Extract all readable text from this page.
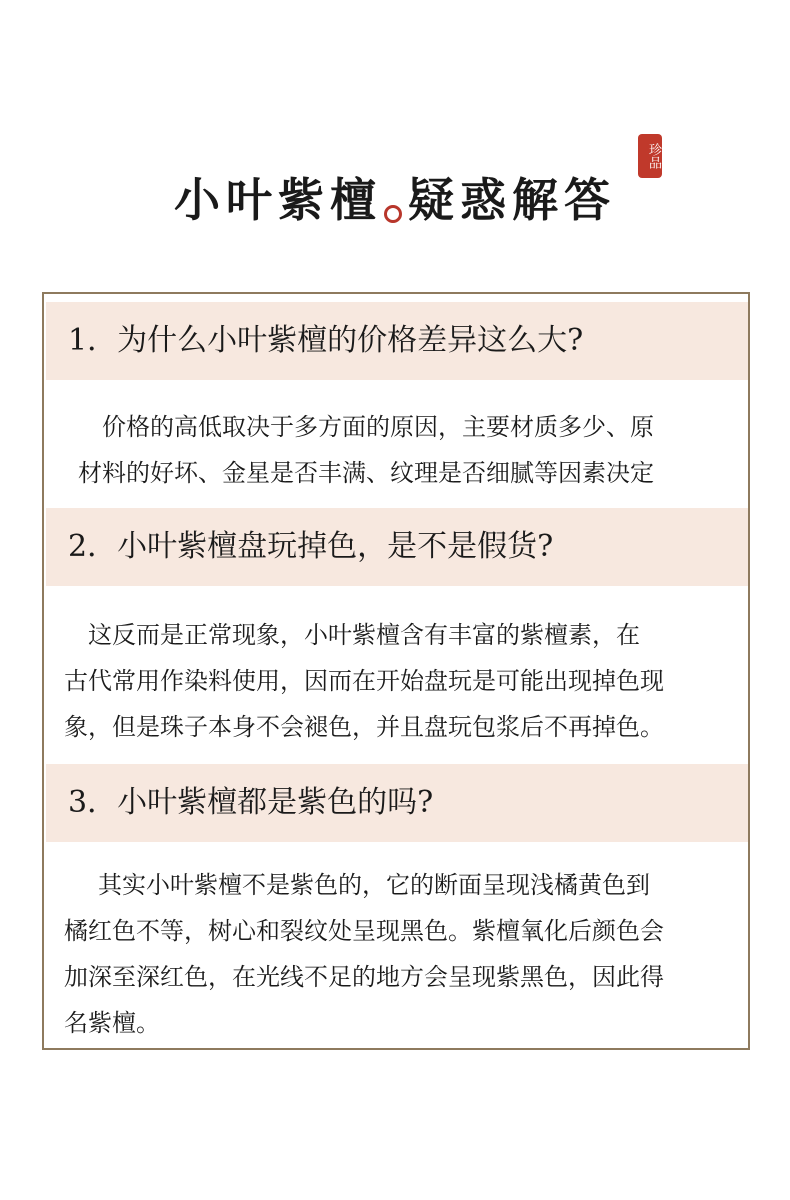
珍品
小叶紫檀 疑惑解答
1．为什么小叶紫檀的价格差异这么大?

价格的高低取决于多方面的原因，主要材质多少、原

材料的好坏、金星是否丰满、纹理是否细腻等因素决定

2．小叶紫檀盘玩掉色，是不是假货?

这反而是正常现象，小叶紫檀含有丰富的紫檀素，在

古代常用作染料使用，因而在开始盘玩是可能出现掉色现

象，但是珠子本身不会褪色，并且盘玩包浆后不再掉色。

3．小叶紫檀都是紫色的吗?

其实小叶紫檀不是紫色的，它的断面呈现浅橘黄色到

橘红色不等，树心和裂纹处呈现黑色。紫檀氧化后颜色会

加深至深红色，在光线不足的地方会呈现紫黑色，因此得

名紫檀。
